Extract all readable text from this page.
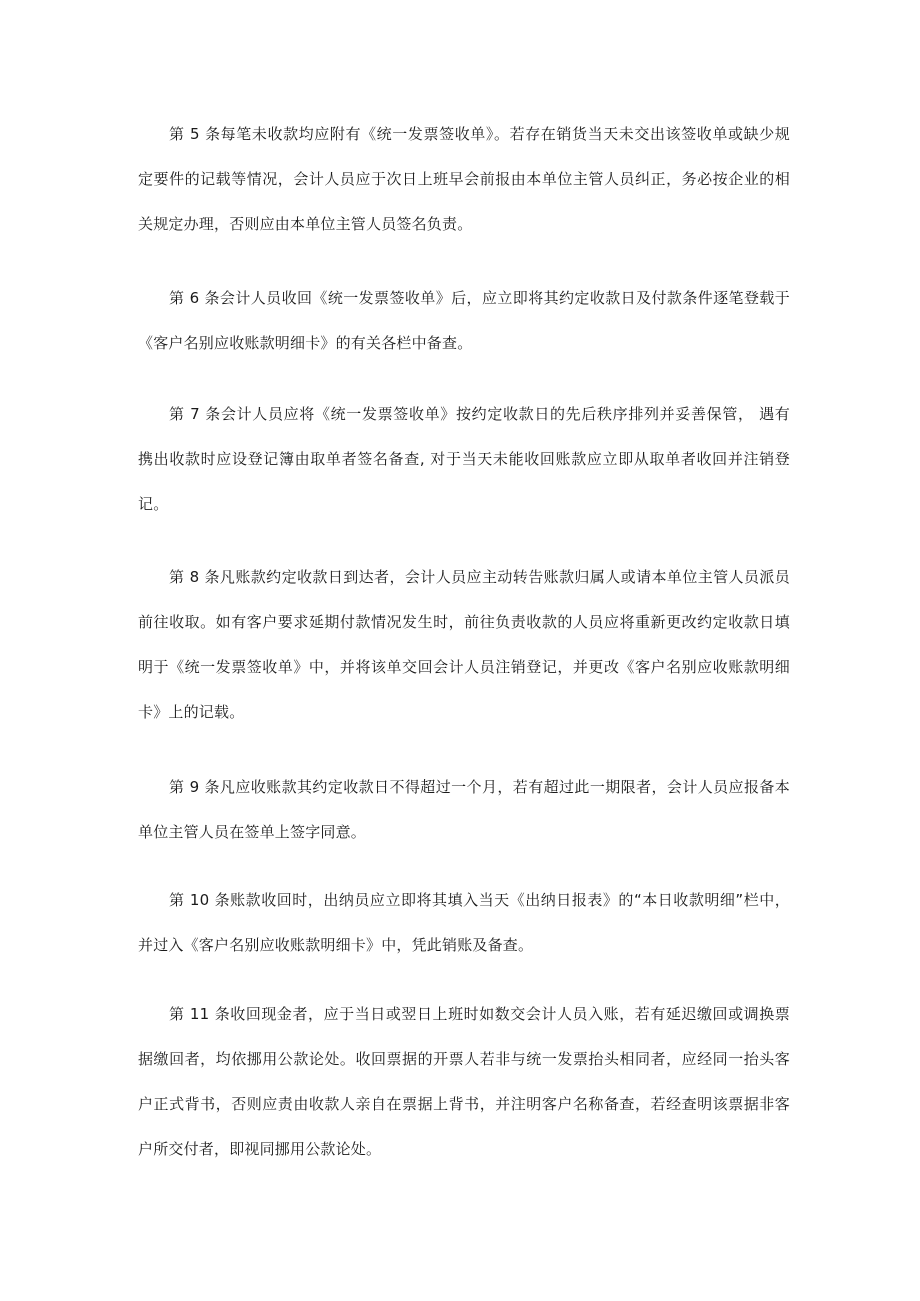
第 5 条每笔未收款均应附有《统一发票签收单》。若存在销货当天未交出该签收单或缺少规
定要件的记载等情况，会计人员应于次日上班早会前报由本单位主管人员纠正，务必按企业的相
关规定办理，否则应由本单位主管人员签名负责。
第 6 条会计人员收回《统一发票签收单》后，应立即将其约定收款日及付款条件逐笔登载于
《客户名别应收账款明细卡》的有关各栏中备查。
第 7 条会计人员应将《统一发票签收单》按约定收款日的先后秩序排列并妥善保管， 遇有
携出收款时应设登记簿由取单者签名备查, 对于当天未能收回账款应立即从取单者收回并注销登
记。
第 8 条凡账款约定收款日到达者，会计人员应主动转告账款归属人或请本单位主管人员派员
前往收取。如有客户要求延期付款情况发生时，前往负责收款的人员应将重新更改约定收款日填
明于《统一发票签收单》中，并将该单交回会计人员注销登记，并更改《客户名别应收账款明细
卡》上的记载。
第 9 条凡应收账款其约定收款日不得超过一个月，若有超过此一期限者，会计人员应报备本
单位主管人员在签单上签字同意。
第 10 条账款收回时，出纳员应立即将其填入当天《出纳日报表》的“本日收款明细”栏中，
并过入《客户名别应收账款明细卡》中，凭此销账及备查。
第 11 条收回现金者，应于当日或翌日上班时如数交会计人员入账，若有延迟缴回或调换票
据缴回者，均依挪用公款论处。收回票据的开票人若非与统一发票抬头相同者，应经同一抬头客
户正式背书，否则应责由收款人亲自在票据上背书，并注明客户名称备查，若经查明该票据非客
户所交付者，即视同挪用公款论处。
